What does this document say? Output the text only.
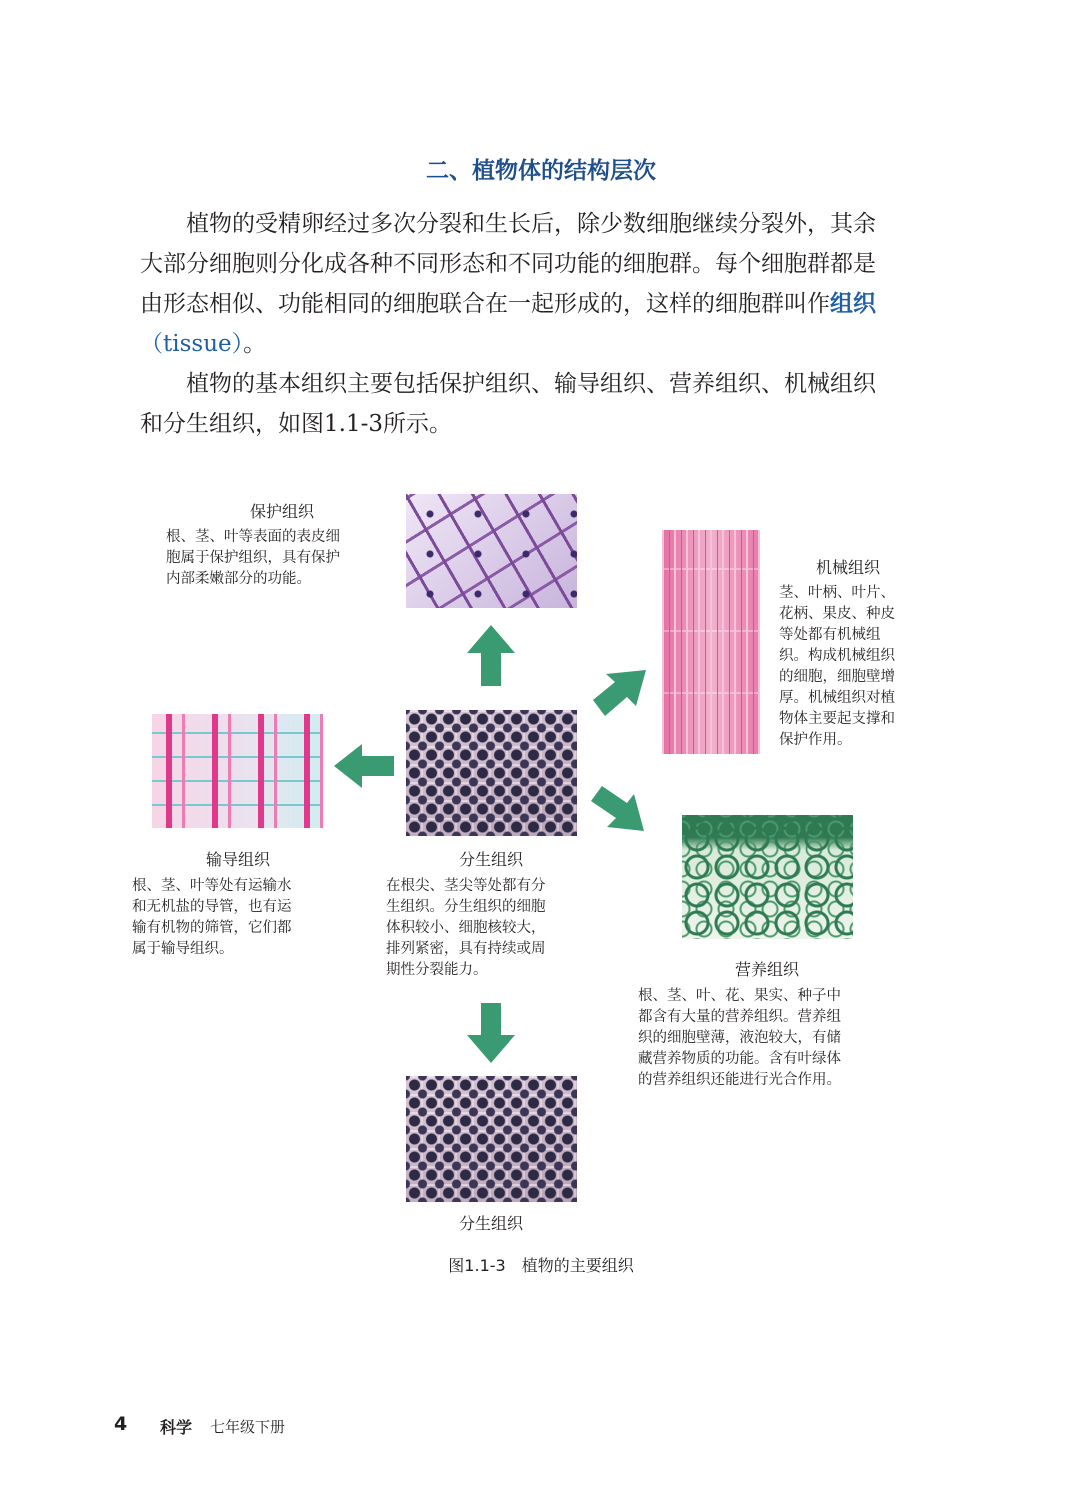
二、植物体的结构层次
植物的受精卵经过多次分裂和生长后，除少数细胞继续分裂外，其余
大部分细胞则分化成各种不同形态和不同功能的细胞群。每个细胞群都是
由形态相似、功能相同的细胞联合在一起形成的，这样的细胞群叫作组织
（tissue）。
植物的基本组织主要包括保护组织、输导组织、营养组织、机械组织
和分生组织，如图1.1-3所示。
保护组织
根、茎、叶等表面的表皮细
胞属于保护组织，具有保护
内部柔嫩部分的功能。
机械组织
茎、叶柄、叶片、
花柄、果皮、种皮
等处都有机械组
织。构成机械组织
的细胞，细胞壁增
厚。机械组织对植
物体主要起支撑和
保护作用。
输导组织
根、茎、叶等处有运输水
和无机盐的导管，也有运
输有机物的筛管，它们都
属于输导组织。
分生组织
在根尖、茎尖等处都有分
生组织。分生组织的细胞
体积较小、细胞核较大，
排列紧密，具有持续或周
期性分裂能力。	营养组织
根、茎、叶、花、果实、种子中
都含有大量的营养组织。营养组
织的细胞壁薄，液泡较大，有储
藏营养物质的功能。含有叶绿体
的营养组织还能进行光合作用。
分生组织
图1.1-3　植物的主要组织
4 科学 七年级下册
